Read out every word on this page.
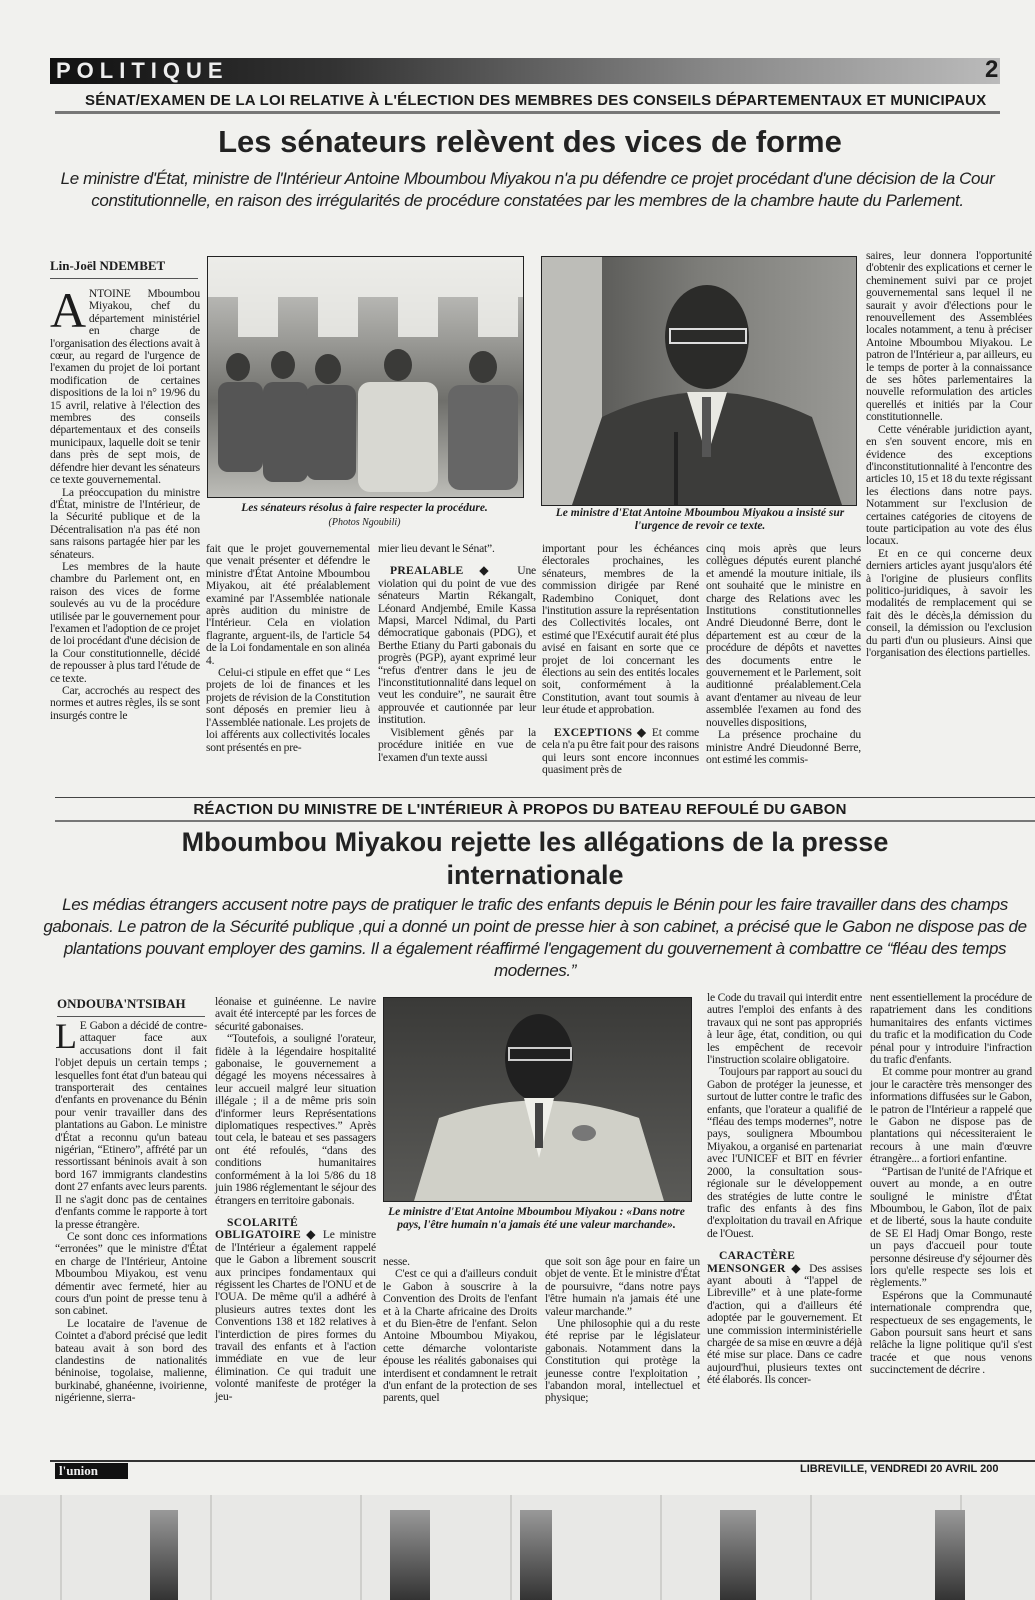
POLITIQUE	2
SÉNAT/EXAMEN DE LA LOI RELATIVE À L'ÉLECTION DES MEMBRES DES CONSEILS DÉPARTEMENTAUX ET MUNICIPAUX
Les sénateurs relèvent des vices de forme
Le ministre d'État, ministre de l'Intérieur Antoine Mboumbou Miyakou n'a pu défendre ce projet procédant d'une décision de la Cour constitutionnelle, en raison des irrégularités de procédure constatées par les membres de la chambre haute du Parlement.
Lin-Joël NDEMBET
Les sénateurs résolus à faire respecter la procédure.
(Photos Ngoubili)
Le ministre d'Etat Antoine Mboumbou Miyakou a insisté sur l'urgence de revoir ce texte.

ANTOINE Mboumbou Miyakou, chef du département ministériel en charge de l'organisation des élections avait à cœur, au regard de l'urgence de l'examen du projet de loi portant modification de certaines dispositions de la loi n° 19/96 du 15 avril, relative à l'élection des membres des conseils départementaux et des conseils municipaux, laquelle doit se tenir dans près de sept mois, de défendre hier devant les sénateurs ce texte gouvernemental.

La préoccupation du ministre d'État, ministre de l'Intérieur, de la Sécurité publique et de la Décentralisation n'a pas été non sans raisons partagée hier par les sénateurs.

Les membres de la haute chambre du Parlement ont, en raison des vices de forme soulevés au vu de la procédure utilisée par le gouvernement pour l'examen et l'adoption de ce projet de loi procédant d'une décision de la Cour constitutionnelle, décidé de repousser à plus tard l'étude de ce texte.

Car, accrochés au respect des normes et autres règles, ils se sont insurgés contre le

fait que le projet gouvernemental que venait présenter et défendre le ministre d'État Antoine Mboumbou Miyakou, ait été préalablement examiné par l'Assemblée nationale après audition du ministre de l'Intérieur. Cela en violation flagrante, arguent-ils, de l'article 54 de la Loi fondamentale en son alinéa 4.

Celui-ci stipule en effet que “ Les projets de loi de finances et les projets de révision de la Constitution sont déposés en premier lieu à l'Assemblée nationale. Les projets de loi afférents aux collectivités locales sont présentés en pre-

mier lieu devant le Sénat”.

PREALABLE ◆ Une violation qui du point de vue des sénateurs Martin Rékangalt, Léonard Andjembé, Emile Kassa Mapsi, Marcel Ndimal, du Parti démocratique gabonais (PDG), et Berthe Etiany du Parti gabonais du progrès (PGP), ayant exprimé leur “refus d'entrer dans le jeu de l'inconstitutionnalité dans lequel on veut les conduire”, ne saurait être approuvée et cautionnée par leur institution.

Visiblement gênés par la procédure initiée en vue de l'examen d'un texte aussi

important pour les échéances électorales prochaines, les sénateurs, membres de la commission dirigée par René Radembino Coniquet, dont l'institution assure la représentation des Collectivités locales, ont estimé que l'Exécutif aurait été plus avisé en faisant en sorte que ce projet de loi concernant les élections au sein des entités locales soit, conformément à la Constitution, avant tout soumis à leur étude et approbation.

EXCEPTIONS ◆ Et comme cela n'a pu être fait pour des raisons qui leurs sont encore inconnues quasiment près de

cinq mois après que leurs collègues députés eurent planché et amendé la mouture initiale, ils ont souhaité que le ministre en charge des Relations avec les Institutions constitutionnelles André Dieudonné Berre, dont le département est au cœur de la procédure de dépôts et navettes des documents entre le gouvernement et le Parlement, soit auditionné préalablement.Cela avant d'entamer au niveau de leur assemblée l'examen au fond des nouvelles dispositions,

La présence prochaine du ministre André Dieudonné Berre, ont estimé les commis-

saires, leur donnera l'opportunité d'obtenir des explications et cerner le cheminement suivi par ce projet gouvernemental sans lequel il ne saurait y avoir d'élections pour le renouvellement des Assemblées locales notamment, a tenu à préciser Antoine Mboumbou Miyakou. Le patron de l'Intérieur a, par ailleurs, eu le temps de porter à la connaissance de ses hôtes parlementaires la nouvelle reformulation des articles querellés et initiés par la Cour constitutionnelle.

Cette vénérable juridiction ayant, en s'en souvent encore, mis en évidence des exceptions d'inconstitutionnalité à l'encontre des articles 10, 15 et 18 du texte régissant les élections dans notre pays. Notamment sur l'exclusion de certaines catégories de citoyens de toute participation au vote des élus locaux.

Et en ce qui concerne deux derniers articles ayant jusqu'alors été à l'origine de plusieurs conflits politico-juridiques, à savoir les modalités de remplacement qui se fait dès le décès,la démission du conseil, la démission ou l'exclusion du parti d'un ou plusieurs. Ainsi que l'organisation des élections partielles.

RÉACTION DU MINISTRE DE L'INTÉRIEUR À PROPOS DU BATEAU REFOULÉ DU GABON
Mboumbou Miyakou rejette les allégations de la presse internationale
Les médias étrangers accusent notre pays de pratiquer le trafic des enfants depuis le Bénin pour les faire travailler dans des champs gabonais. Le patron de la Sécurité publique ,qui a donné un point de presse hier à son cabinet, a précisé que le Gabon ne dispose pas de plantations pouvant employer des gamins. Il a également réaffirmé l'engagement du gouvernement à combattre ce “fléau des temps modernes.”
ONDOUBA'NTSIBAH
Le ministre d'Etat Antoine Mboumbou Miyakou : «Dans notre pays, l'être humain n'a jamais été une valeur marchande».

L E Gabon a décidé de contre-attaquer face aux accusations dont il fait l'objet depuis un certain temps ; lesquelles font état d'un bateau qui transporterait des centaines d'enfants en provenance du Bénin pour venir travailler dans des plantations au Gabon. Le ministre d'État a reconnu qu'un bateau nigérian, “Etinero”, affrété par un ressortissant béninois avait à son bord 167 immigrants clandestins dont 27 enfants avec leurs parents. Il ne s'agit donc pas de centaines d'enfants comme le rapporte à tort la presse étrangère.

Ce sont donc ces informations “erronées” que le ministre d'État en charge de l'Intérieur, Antoine Mboumbou Miyakou, est venu démentir avec fermeté, hier au cours d'un point de presse tenu à son cabinet.

Le locataire de l'avenue de Cointet a d'abord précisé que ledit bateau avait à son bord des clandestins de nationalités béninoise, togolaise, malienne, burkinabé, ghanéenne, ivoirienne, nigérienne, sierra-

léonaise et guinéenne. Le navire avait été intercepté par les forces de sécurité gabonaises.

“Toutefois, a souligné l'orateur, fidèle à la légendaire hospitalité gabonaise, le gouvernement a dégagé les moyens nécessaires à leur accueil malgré leur situation illégale ; il a de même pris soin d'informer leurs Représentations diplomatiques respectives.” Après tout cela, le bateau et ses passagers ont été refoulés, “dans des conditions humanitaires conformément à la loi 5/86 du 18 juin 1986 réglementant le séjour des étrangers en territoire gabonais.

SCOLARITÉ OBLIGATOIRE ◆ Le ministre de l'Intérieur a également rappelé que le Gabon a librement souscrit aux principes fondamentaux qui régissent les Chartes de l'ONU et de l'OUA. De même qu'il a adhéré à plusieurs autres textes dont les Conventions 138 et 182 relatives à l'interdiction de pires formes du travail des enfants et à l'action immédiate en vue de leur élimination. Ce qui traduit une volonté manifeste de protéger la jeu-

nesse.

C'est ce qui a d'ailleurs conduit le Gabon à souscrire à la Convention des Droits de l'enfant et à la Charte africaine des Droits et du Bien-être de l'enfant. Selon Antoine Mboumbou Miyakou, cette démarche volontariste épouse les réalités gabonaises qui interdisent et condamnent le retrait d'un enfant de la protection de ses parents, quel

que soit son âge pour en faire un objet de vente. Et le ministre d'État de poursuivre, “dans notre pays l'être humain n'a jamais été une valeur marchande.”

Une philosophie qui a du reste été reprise par le législateur gabonais. Notamment dans la Constitution qui protège la jeunesse contre l'exploitation , l'abandon moral, intellectuel et physique;

le Code du travail qui interdit entre autres l'emploi des enfants à des travaux qui ne sont pas appropriés à leur âge, état, condition, ou qui les empêchent de recevoir l'instruction scolaire obligatoire.

Toujours par rapport au souci du Gabon de protéger la jeunesse, et surtout de lutter contre le trafic des enfants, que l'orateur a qualifié de “fléau des temps modernes”, notre pays, soulignera Mboumbou Miyakou, a organisé en partenariat avec l'UNICEF et BIT en février 2000, la consultation sous-régionale sur le développement des stratégies de lutte contre le trafic des enfants à des fins d'exploitation du travail en Afrique de l'Ouest.

CARACTÈRE MENSONGER ◆ Des assises ayant abouti à “l'appel de Libreville” et à une plate-forme d'action, qui a d'ailleurs été adoptée par le gouvernement. Et une commission interministérielle chargée de sa mise en œuvre a déjà été mise sur place. Dans ce cadre aujourd'hui, plusieurs textes ont été élaborés. Ils concer-

nent essentiellement la procédure de rapatriement dans les conditions humanitaires des enfants victimes du trafic et la modification du Code pénal pour y introduire l'infraction du trafic d'enfants.

Et comme pour montrer au grand jour le caractère très mensonger des informations diffusées sur le Gabon, le patron de l'Intérieur a rappelé que le Gabon ne dispose pas de plantations qui nécessiteraient le recours à une main d'œuvre étrangère... a fortiori enfantine.

“Partisan de l'unité de l'Afrique et ouvert au monde, a en outre souligné le ministre d'État Mboumbou, le Gabon, îlot de paix et de liberté, sous la haute conduite de SE El Hadj Omar Bongo, reste un pays d'accueil pour toute personne désireuse d'y séjourner dès lors qu'elle respecte ses lois et règlements.”

Espérons que la Communauté internationale comprendra que, respectueux de ses engagements, le Gabon poursuit sans heurt et sans relâche la ligne politique qu'il s'est tracée et que nous venons succinctement de décrire .

l'union	LIBREVILLE, VENDREDI 20 AVRIL 200
